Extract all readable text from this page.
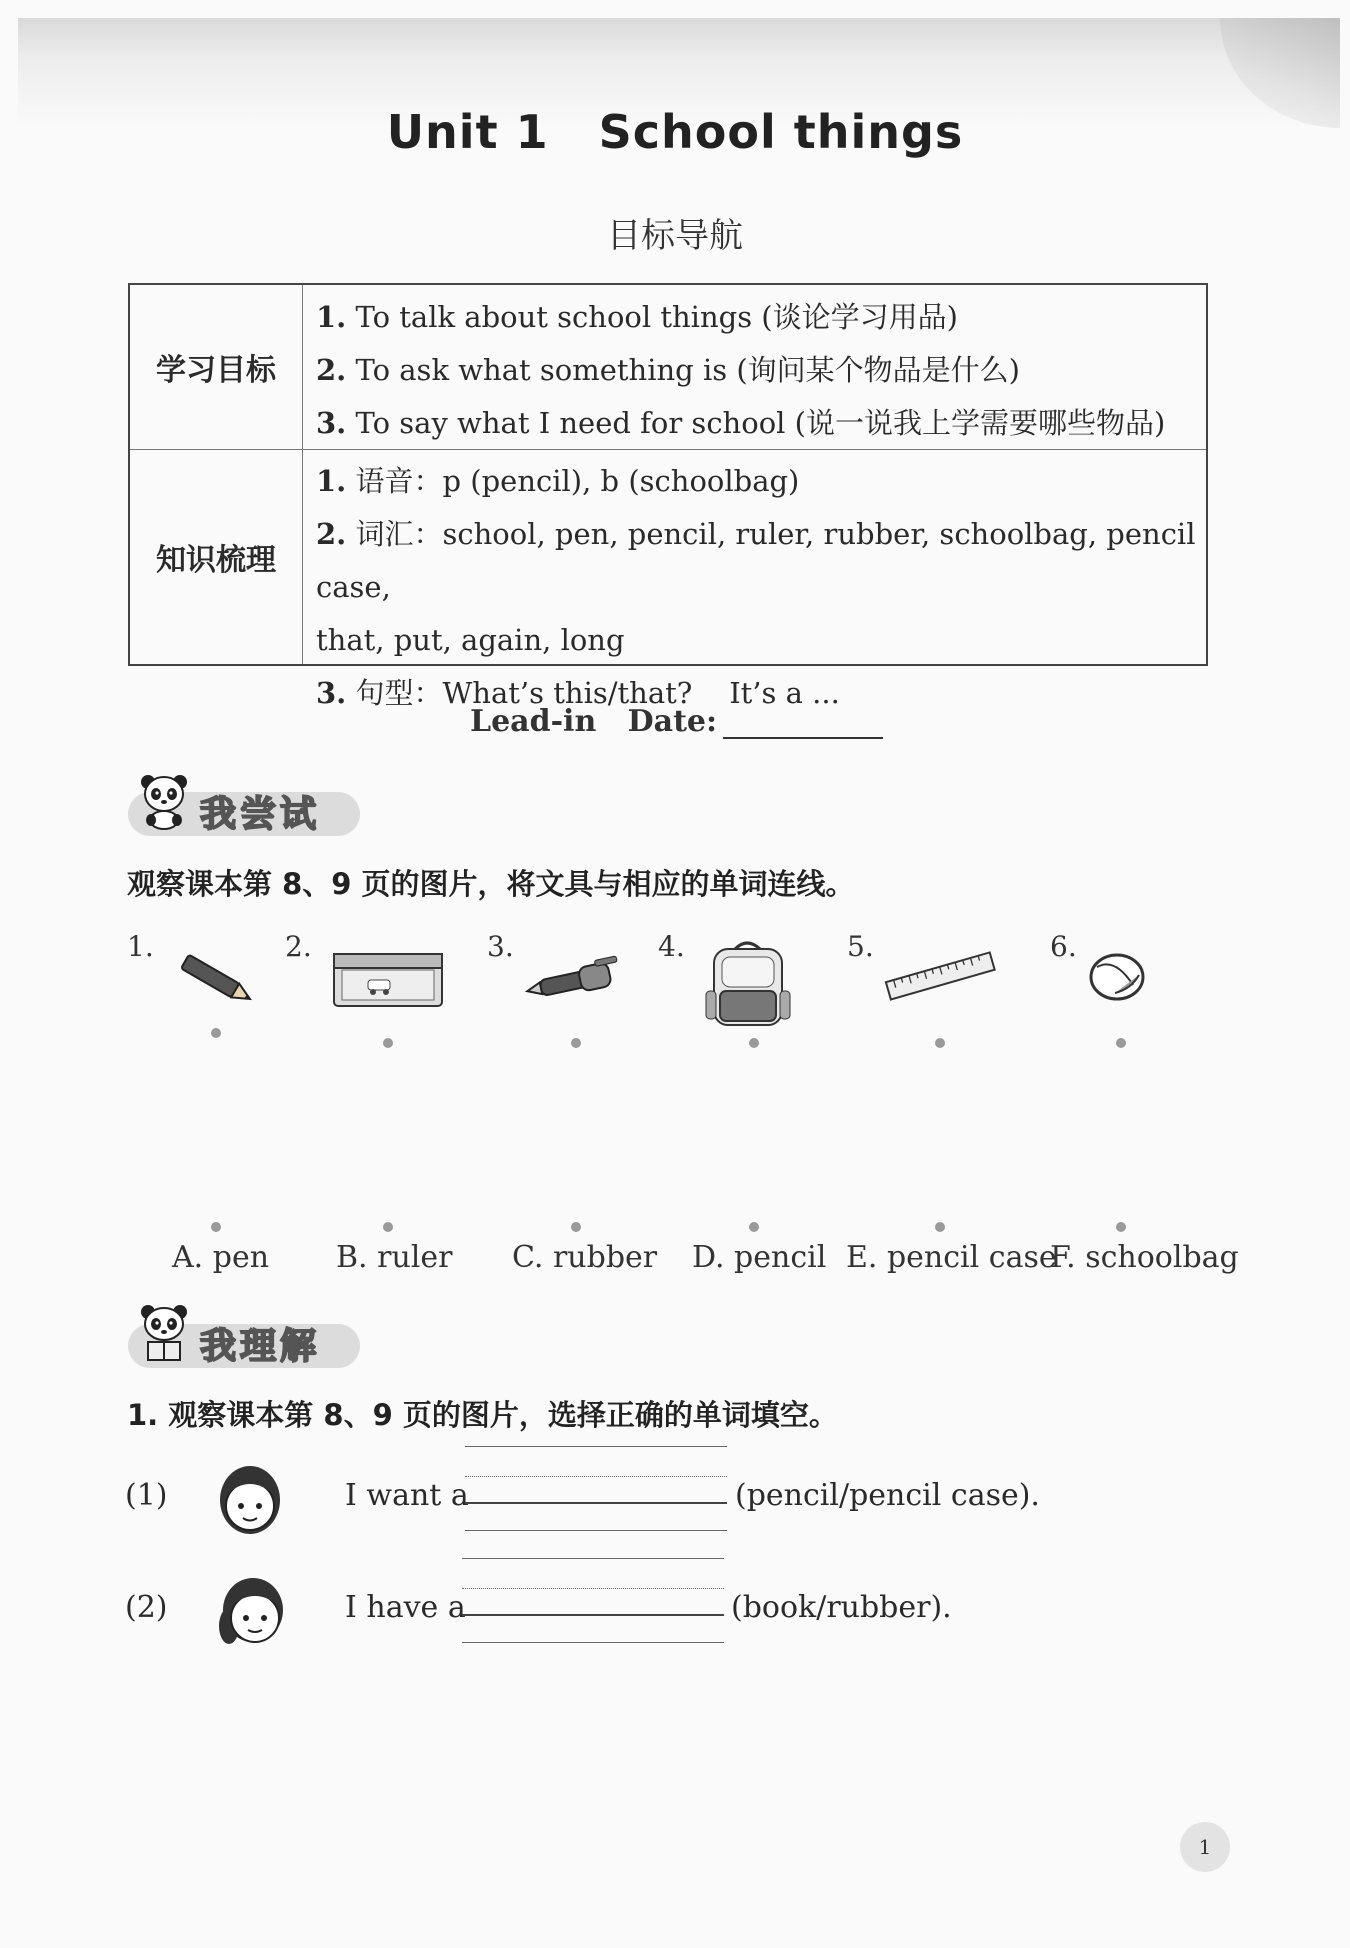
Unit 1 School things
目标导航
学习目标
1. To talk about school things (谈论学习用品)
2. To ask what something is (询问某个物品是什么)
3. To say what I need for school (说一说我上学需要哪些物品)
知识梳理
1. 语音：p (pencil), b (schoolbag)
2. 词汇：school, pen, pencil, ruler, rubber, schoolbag, pencil case,
that, put, again, long
3. 句型：What’s this/that?    It’s a ...
Lead-in Date:
我尝试
观察课本第 8、9 页的图片，将文具与相应的单词连线。
1.	2.	3.	4.	5.	6.
A. pen B. ruler C. rubber D. pencil E. pencil case
F. schoolbag
我理解
1. 观察课本第 8、9 页的图片，选择正确的单词填空。
(1)	I want a	(pencil/pencil case).
(2)	I have a	(book/rubber).
1
